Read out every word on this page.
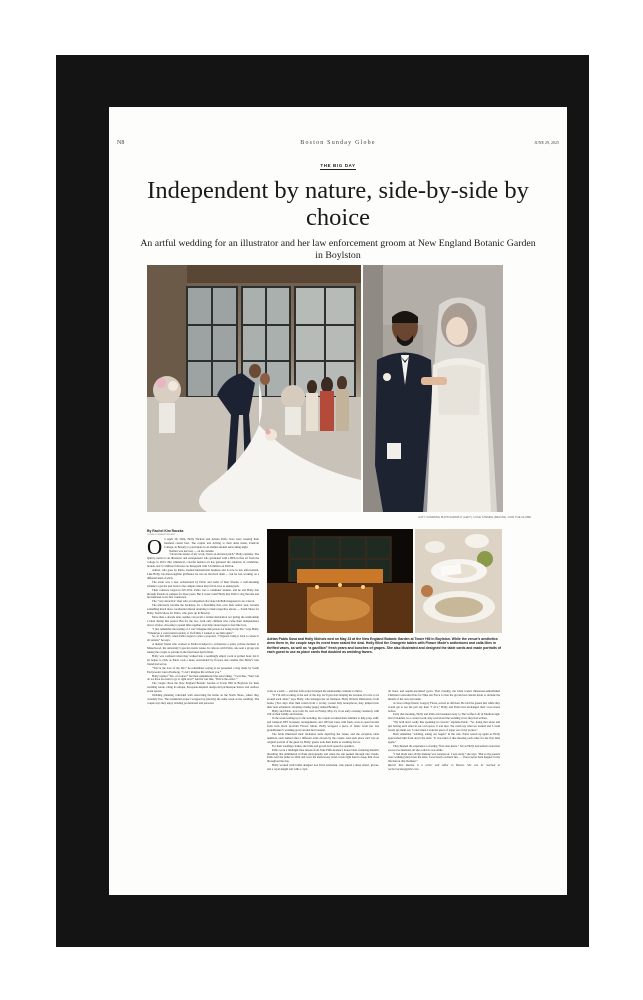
N8	Boston Sunday Globe	JUNE 29, 2025
THE BIG DAY
Independent by nature, side-by-side by choice

An artful wedding for an illustrator and her law enforcement groom at New England Botanic Garden in Boylston

KATY CUMMING PHOTOGRAPHY (LEFT), COLE STEMKE (BELOW) / FOR THE GLOBE

By Rachel Kim Raczka

GLOBE CORRESPONDENT

O n April 26, 2024, Holly Nichols and Adrian Pablo Sosa were wearing their business casual best. The couple was driving to their alma mater, Endicott College, in Beverly to participate in an alumni-student networking night.

Neither was nervous — on the outside.

“Given the nature of my work, I have an elevated pitch,” Holly explains. The Quincy native is an illustrator and entrepreneur who graduated with a BFA in fine art from the college in 2013. Her whimsical, colorful fashion art has garnered the attention of celebrities, brands, and 3.1 million followers on Instagram with 5.6 million on TikTok.

Adrian, who goes by Pablo, studied international business and is now in law enforcement. Like Holly, his then-longtime girlfriend, he was an involved alum — but he was working on a different kind of pitch.

The event was a ruse orchestrated by Pablo and some of their friends, a well-meaning scheme to get the pair back to the campus where they fell in love as undergrads.

Their romance began in fall 2012. Pablo was a commuter student, and he and Holly met through friends on campus for three years. But it wasn’t until Holly met Pablo’s dog that she and her husband-to-be first connected.

The “very attractive” man who accompanied chocolate lab Bella happened to be a heron.

The university became the backdrop for a friendship that, over their senior year, became something much more. Graduation meant returning to their respective shores — South Shore for Holly, North Shore for Pablo, who grew up in Beverly.

More than a decade later, neither can recall a formal declaration nor giving the relationship a label during this period. But for the two, both only children who value their independence above all else, choosing to spend time together over time alone began to feel like love.

“I just remember the feeling of, I can’t imagine this person not being in my life,” says Holly. “Whenever a conversation ended, or I left him, I wanted to see him again.”

So, in fall 2023, when Pablo began to plan a proposal, “I figured, bring it back to where it all started,” he says.

A mutual friend who worked at Endicott helped to orchestrate a quiet, private moment at Misselwood, the university’s special events venue. In cahoots with Pablo, she sent a group text asking the couple to partake in the fabricated April mixer.

Holly was confused when they walked into a seemingly empty room at golden hour, but it all began to click as Pablo took a knee, surrounded by flowers and candles that Holly’s best friend had set up.

“You’re the love of my life,” he remembers saying as he presented a ring made by South End jeweler Laura Preshong. “I can’t imagine life without you.”

Holly replied “Yes, of course!” but then remembered the networking. “I was like, ‘Wait, but do we have an event to go to right now?’ And he was like, ‘This is the event.’”

The couple chose the New England Botanic Garden at Tower Hill in Boylston for their wedding venue, citing its unique, European-inspired design and picturesque indoor and outdoor event spaces.

Wedding planning coincided with renovating the home on the North Shore, where they currently live. The residential project wrapped up (mostly) the same week as the wedding. The couple says they enjoy tackling professional and personal

Adrian Pablo Sosa and Holly Nichols wed on May 23 at the New England Botanic Garden at Tower Hill in Boylston. While the venue’s aesthetics drew them in, the couple says its event team sealed the deal. Holly filled the Orangerie tables with Flower Mode’s antheriums and calla lilies in thrifted vases, as well as “a gazillion” fresh pears and bunches of grapes. She also illustrated and designed the table cards and made portraits of each guest to use as place cards that doubled as wedding favors.

work as a team — and that both projects helped the relationship continue to thrive.

“If I’m still working at the end of the day, he’ll just start helping me because it’s nice to be around each other,” says Holly, who manages her art business, Holly Nichols Illustration, from home. (Two days after their return from a 12-day coastal Italy honeymoon, they jumped into their next adventure: adopting a husky puppy named Beckle.)

Holly and Pablo, now both 34, wed on Friday, May 23, in an early evening ceremony with 106 of their family and friends.

In the week leading up to the wedding, the couple recruited their families to help prep, stuff, and transport DIY bouquets, arrangements, and 100 bud vases with fresh, soon-to-open blooms from both floral provider Flower Mode. Holly wrapped a piece of fabric from her late grandmother’s wedding gown around her bouquet.

The bride illustrated their invitation suite depicting the venue, and the reception table numbers, each named after a different artist chosen by the couple. And each place card was an original portrait of the guest by Holly; guests took their home as wedding favors.

For their wedding clothes, the bride and groom both opted for sparkles.

Pablo wore a midnight blue tuxedo from Saks Fifth Avenue’s house label, featuring metallic threading that shimmered in flash photography and when the sun peeked through rain clouds. Pablo lent his father in 2024 and wore his anniversary band on his right hand to keep him close throughout the day.

Holly worked with bridal designer Lee Petra Grebenau, who paired a sheer shawl, gloves, and a royal-length veil with a cryst-

tal bead- and sequin-encrusted gown. That evening, the bride traded rhinestone-embellished Christian Louboutin flats for Nike Air Force 1s that the groom had custom made to include the initials of her new last name.

A close college friend, Gregory Fierra, served as officiant. He told the guests that while they would get to see the pair say their “I do’s,” Holly and Pablo had exchanged their vows hours before.

Early that morning, Holly and Pablo had sneaked away to The Coffee Loft in Marlborough. Over breakfast, in a corner booth, they read aloud the wedding vows they had written.

“We both don’t really like speaking in crowds,” explains Pablo. “So, doing that alone and just having each other in our own space, it was nice. We could say what we wanted and I could barely get them out. I cried when I took the piece of paper out of my pocket.”

Both remember “sobbing, eating our bagels” in the cafe. Pablo teared up again as Holly approached him from down the aisle: “It was kind of like meeting each other for the first time again.”

They likened the experience to feeling “first-date jitters,” but as Holly descended toward her soon-to-be husband, all she could do was smile.

“I had made sure all my makeup was waterproof. I was ready,” she says. “But as my parents were walking [me] down the aisle, I was barely as much fun. … I have never been happier in my life than at that moment.”

Rachel Kim Raczka is a writer and editor in Boston. She can be reached at rachel.raczka@globe.com.
